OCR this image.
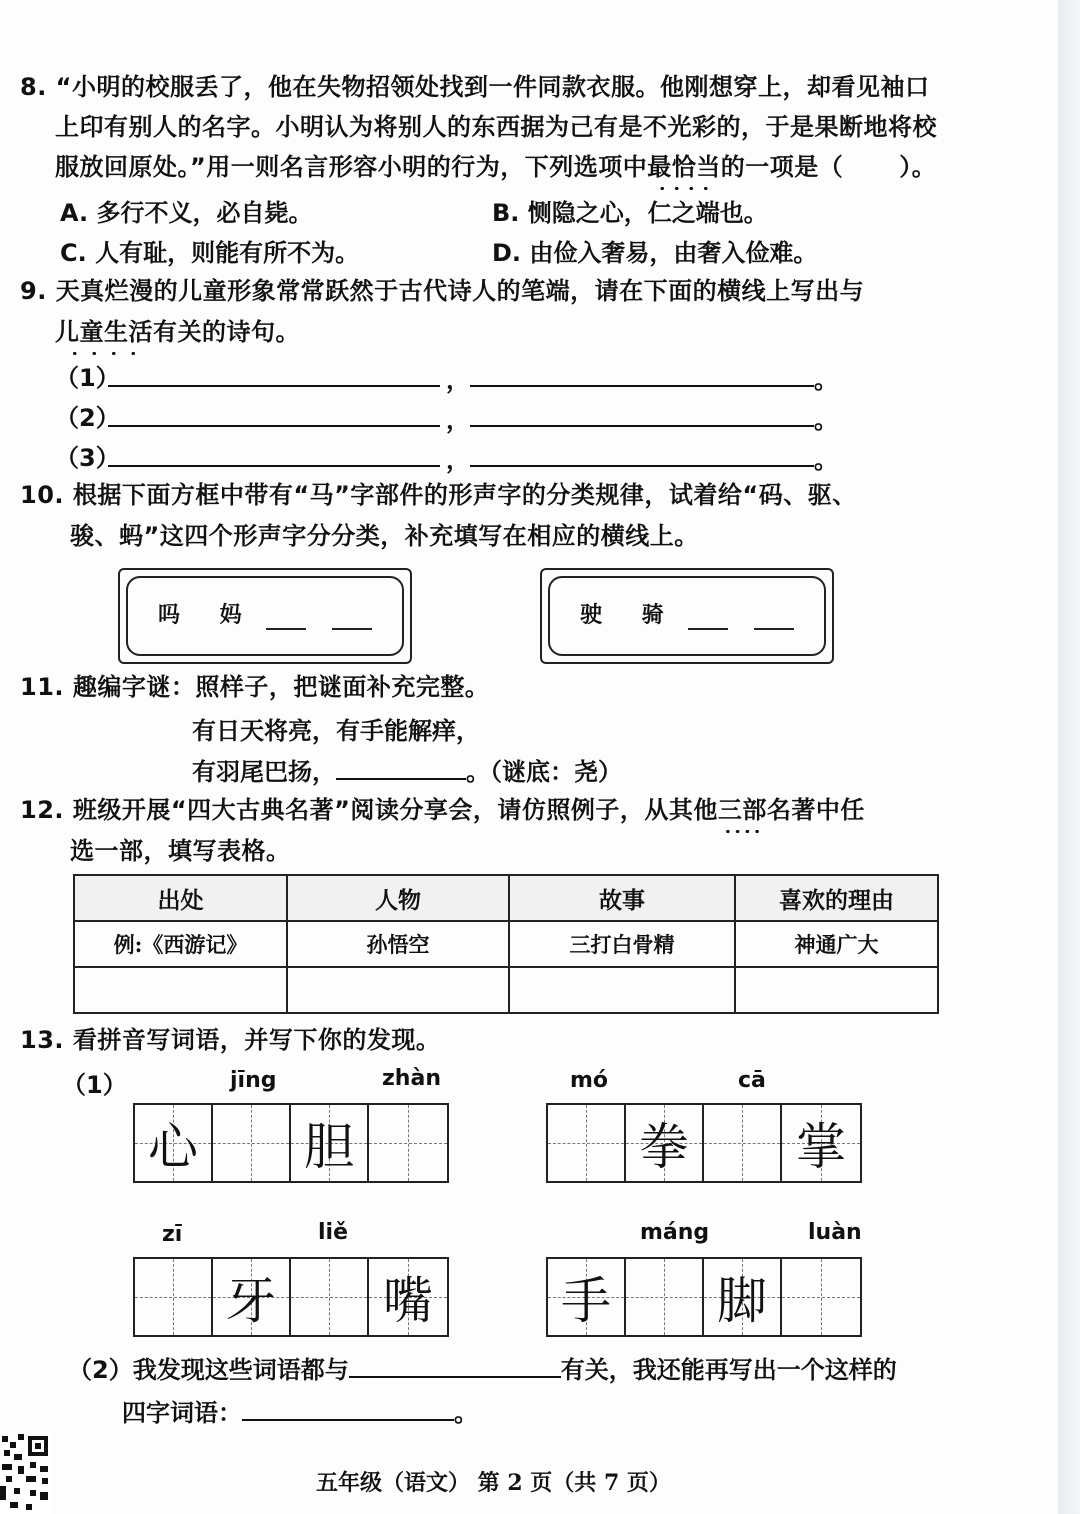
8. “小明的校服丢了，他在失物招领处找到一件同款衣服。他刚想穿上，却看见袖口
上印有别人的名字。小明认为将别人的东西据为己有是不光彩的，于是果断地将校
服放回原处。”用一则名言形容小明的行为，下列选项中最恰当的一项是（ ）。
A. 多行不义，必自毙。	B. 恻隐之心，仁之端也。
C. 人有耻，则能有所不为。	D. 由俭入奢易，由奢入俭难。
9. 天真烂漫的儿童形象常常跃然于古代诗人的笔端，请在下面的横线上写出与
儿童生活有关的诗句。
（1）	，	。
（2）	，	。
（3）	，	。
10. 根据下面方框中带有“马”字部件的形声字的分类规律，试着给“码、驱、
骏、蚂”这四个形声字分分类，补充填写在相应的横线上。
吗 妈	驶 骑
11. 趣编字谜：照样子，把谜面补充完整。
有日天将亮，有手能解痒，
有羽尾巴扬，	。（谜底：尧）
12. 班级开展“四大古典名著”阅读分享会，请仿照例子，从其他三部名著中任
选一部，填写表格。
出处	人物	故事	喜欢的理由
例:《西游记》	孙悟空	三打白骨精	神通广大

13. 看拼音写词语，并写下你的发现。
（1）	jīng	zhàn
心 胆
mó	cā
拳 掌
zī	liě
牙 嘴
máng	luàn
手 脚
（2）我发现这些词语都与	有关，我还能再写出一个这样的
四字词语：	。
五年级（语文） 第 2 页（共 7 页）
